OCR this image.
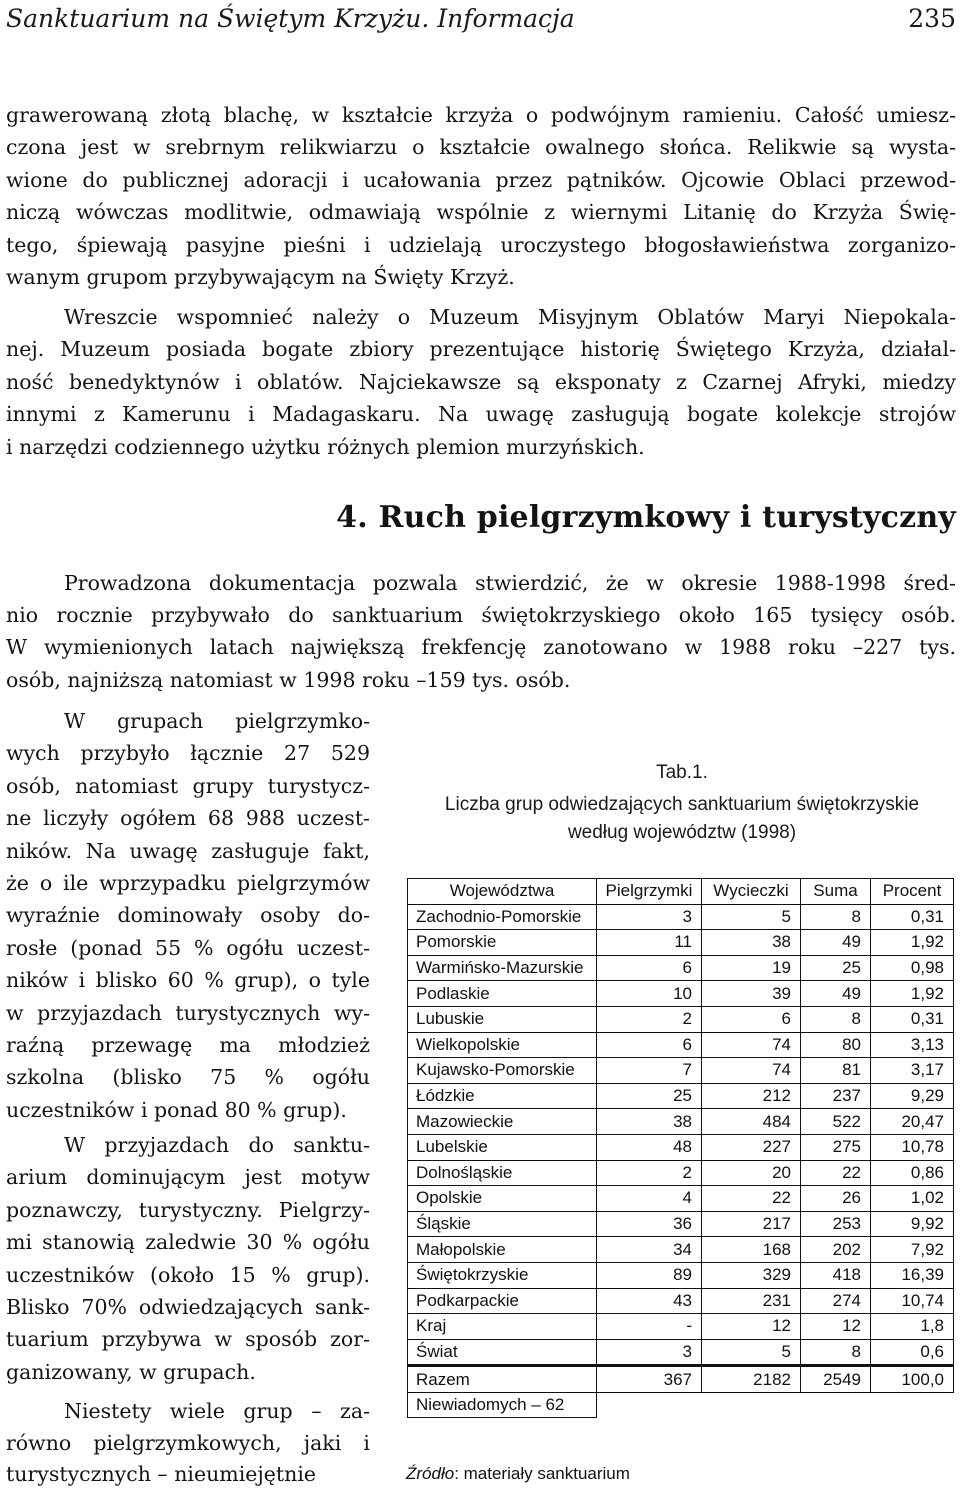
Sanktuarium na Świętym Krzyżu. Informacja	235
grawerowaną złotą blachę, w kształcie krzyża o podwójnym ramieniu. Całość umiesz-
czona jest w srebrnym relikwiarzu o kształcie owalnego słońca. Relikwie są wysta-
wione do publicznej adoracji i ucałowania przez pątników. Ojcowie Oblaci przewod-
niczą wówczas modlitwie, odmawiają wspólnie z wiernymi Litanię do Krzyża Świę-
tego, śpiewają pasyjne pieśni i udzielają uroczystego błogosławieństwa zorganizo-
wanym grupom przybywającym na Święty Krzyż.
Wreszcie wspomnieć należy o Muzeum Misyjnym Oblatów Maryi Niepokala-
nej. Muzeum posiada bogate zbiory prezentujące historię Świętego Krzyża, działal-
ność benedyktynów i oblatów. Najciekawsze są eksponaty z Czarnej Afryki, miedzy
innymi z Kamerunu i Madagaskaru. Na uwagę zasługują bogate kolekcje strojów
i narzędzi codziennego użytku różnych plemion murzyńskich.
4. Ruch pielgrzymkowy i turystyczny
Prowadzona dokumentacja pozwala stwierdzić, że w okresie 1988-1998 śred-
nio rocznie przybywało do sanktuarium świętokrzyskiego około 165 tysięcy osób.
W wymienionych latach największą frekfencję zanotowano w 1988 roku –227 tys.
osób, najniższą natomiast w 1998 roku –159 tys. osób.
W grupach pielgrzymko-
wych przybyło łącznie 27 529
osób, natomiast grupy turystycz-
ne liczyły ogółem 68 988 uczest-
ników. Na uwagę zasługuje fakt,
że o ile wprzypadku pielgrzymów
wyraźnie dominowały osoby do-
rosłe (ponad 55 % ogółu uczest-
ników i blisko 60 % grup), o tyle
w przyjazdach turystycznych wy-
raźną przewagę ma młodzież
szkolna (blisko 75 % ogółu
uczestników i ponad 80 % grup).
W przyjazdach do sanktu-
arium dominującym jest motyw
poznawczy, turystyczny. Pielgrzy-
mi stanowią zaledwie 30 % ogółu
uczestników (około 15 % grup).
Blisko 70% odwiedzających sank-
tuarium przybywa w sposób zor-
ganizowany, w grupach.
Niestety wiele grup – za-
równo pielgrzymkowych, jaki i
turystycznych – nieumiejętnie
Tab.1.
Liczba grup odwiedzających sanktuarium świętokrzyskie
według województw (1998)
Województwa	Pielgrzymki	Wycieczki	Suma	Procent
Zachodnio-Pomorskie	3	5	8	0,31
Pomorskie	11	38	49	1,92
Warmińsko-Mazurskie	6	19	25	0,98
Podlaskie	10	39	49	1,92
Lubuskie	2	6	8	0,31
Wielkopolskie	6	74	80	3,13
Kujawsko-Pomorskie	7	74	81	3,17
Łódzkie	25	212	237	9,29
Mazowieckie	38	484	522	20,47
Lubelskie	48	227	275	10,78
Dolnośląskie	2	20	22	0,86
Opolskie	4	22	26	1,02
Śląskie	36	217	253	9,92
Małopolskie	34	168	202	7,92
Świętokrzyskie	89	329	418	16,39
Podkarpackie	43	231	274	10,74
Kraj	-	12	12	1,8
Świat	3	5	8	0,6
Razem	367	2182	2549	100,0
Niewiadomych – 62				
Źródło: materiały sanktuarium
